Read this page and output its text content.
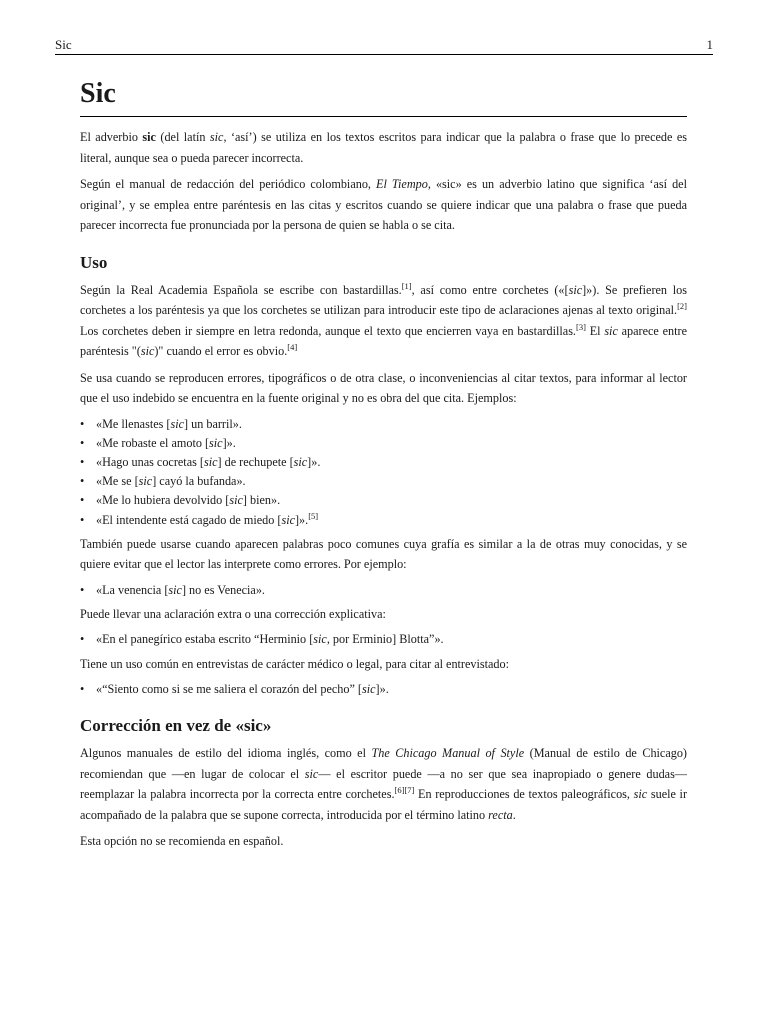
Sic	1
Sic

El adverbio sic (del latín sic, ‘así’) se utiliza en los textos escritos para indicar que la palabra o frase que lo precede es literal, aunque sea o pueda parecer incorrecta.

Según el manual de redacción del periódico colombiano, El Tiempo, «sic» es un adverbio latino que significa ‘así del original’, y se emplea entre paréntesis en las citas y escritos cuando se quiere indicar que una palabra o frase que pueda parecer incorrecta fue pronunciada por la persona de quien se habla o se cita.

Uso

Según la Real Academia Española se escribe con bastardillas.[1], así como entre corchetes («[sic]»). Se prefieren los corchetes a los paréntesis ya que los corchetes se utilizan para introducir este tipo de aclaraciones ajenas al texto original.[2] Los corchetes deben ir siempre en letra redonda, aunque el texto que encierren vaya en bastardillas.[3] El sic aparece entre paréntesis "(sic)" cuando el error es obvio.[4]

Se usa cuando se reproducen errores, tipográficos o de otra clase, o inconveniencias al citar textos, para informar al lector que el uso indebido se encuentra en la fuente original y no es obra del que cita. Ejemplos:

• «Me llenastes [sic] un barril».
• «Me robaste el amoto [sic]».
• «Hago unas cocretas [sic] de rechupete [sic]».
• «Me se [sic] cayó la bufanda».
• «Me lo hubiera devolvido [sic] bien».
• «El intendente está cagado de miedo [sic]».[5]

También puede usarse cuando aparecen palabras poco comunes cuya grafía es similar a la de otras muy conocidas, y se quiere evitar que el lector las interprete como errores. Por ejemplo:

• «La venencia [sic] no es Venecia».

Puede llevar una aclaración extra o una corrección explicativa:

• «En el panegírico estaba escrito “Herminio [sic, por Erminio] Blotta”».

Tiene un uso común en entrevistas de carácter médico o legal, para citar al entrevistado:

• «“Siento como si se me saliera el corazón del pecho” [sic]».
Corrección en vez de «sic»

Algunos manuales de estilo del idioma inglés, como el The Chicago Manual of Style (Manual de estilo de Chicago) recomiendan que —en lugar de colocar el sic— el escritor puede —a no ser que sea inapropiado o genere dudas— reemplazar la palabra incorrecta por la correcta entre corchetes.[6][7] En reproducciones de textos paleográficos, sic suele ir acompañado de la palabra que se supone correcta, introducida por el término latino recta.

Esta opción no se recomienda en español.
